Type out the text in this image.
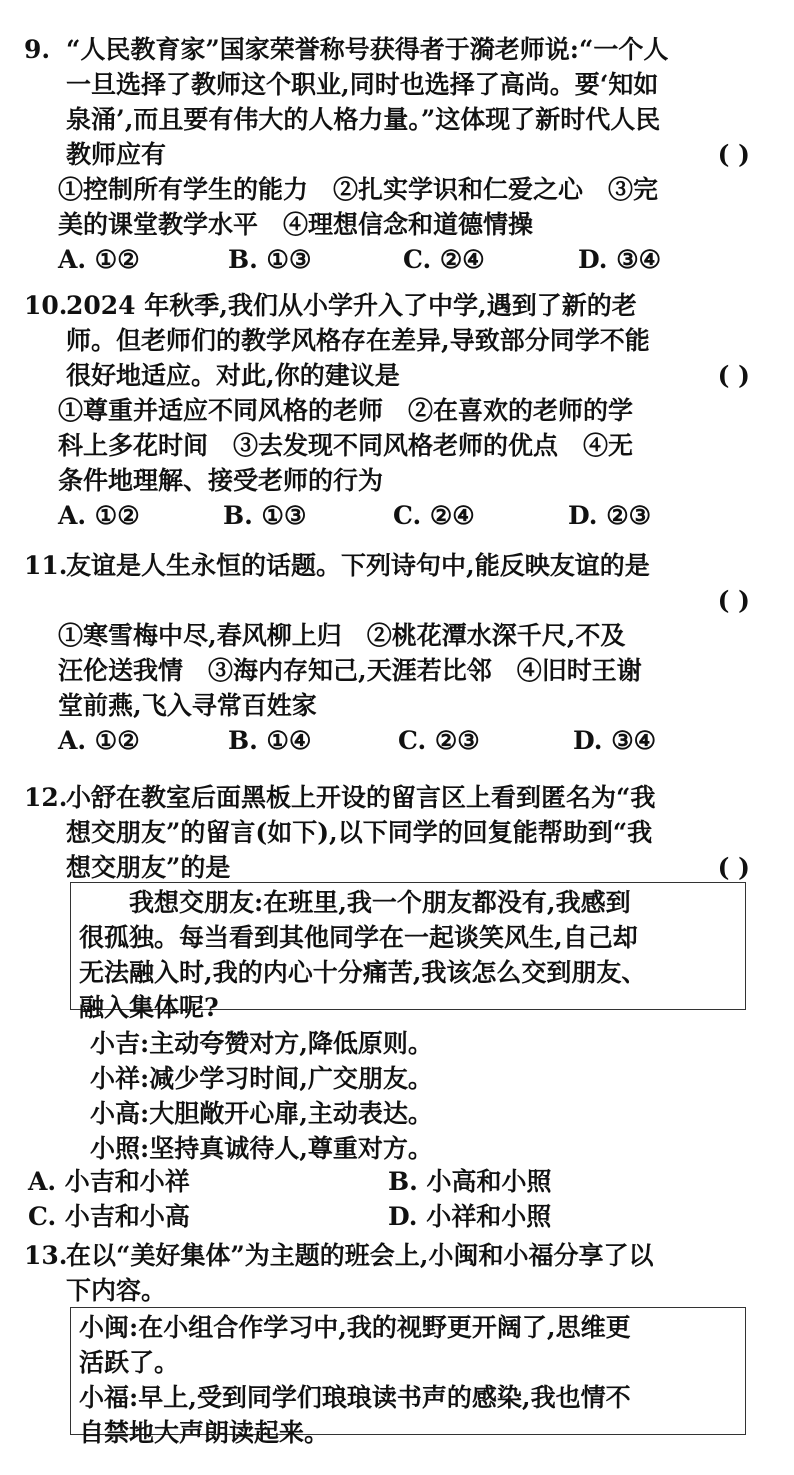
9. “人民教育家”国家荣誉称号获得者于漪老师说:“一个人
一旦选择了教师这个职业,同时也选择了高尚。要‘知如
泉涌’,而且要有伟大的人格力量。”这体现了新时代人民
教师应有	( )
①控制所有学生的能力　②扎实学识和仁爱之心　③完
美的课堂教学水平　④理想信念和道德情操
A. ①②	B. ①③	C. ②④	D. ③④
10.
2024 年秋季,我们从小学升入了中学,遇到了新的老
师。但老师们的教学风格存在差异,导致部分同学不能
很好地适应。对此,你的建议是	( )
①尊重并适应不同风格的老师　②在喜欢的老师的学
科上多花时间　③去发现不同风格老师的优点　④无
条件地理解、接受老师的行为
A. ①②	B. ①③	C. ②④	D. ②③
11.
友谊是人生永恒的话题。下列诗句中,能反映友谊的是
( )
①寒雪梅中尽,春风柳上归　②桃花潭水深千尺,不及
汪伦送我情　③海内存知己,天涯若比邻　④旧时王谢
堂前燕,飞入寻常百姓家
A. ①②	B. ①④	C. ②③	D. ③④
12.
小舒在教室后面黑板上开设的留言区上看到匿名为“我
想交朋友”的留言(如下),以下同学的回复能帮助到“我
想交朋友”的是	( )
　　我想交朋友:在班里,我一个朋友都没有,我感到
很孤独。每当看到其他同学在一起谈笑风生,自己却
无法融入时,我的内心十分痛苦,我该怎么交到朋友、
融入集体呢?
小吉:主动夸赞对方,降低原则。
小祥:减少学习时间,广交朋友。
小高:大胆敞开心扉,主动表达。
小照:坚持真诚待人,尊重对方。
A. 小吉和小祥	B. 小高和小照
C. 小吉和小高	D. 小祥和小照
13.
在以“美好集体”为主题的班会上,小闽和小福分享了以
下内容。
小闽:在小组合作学习中,我的视野更开阔了,思维更
活跃了。
小福:早上,受到同学们琅琅读书声的感染,我也情不
自禁地大声朗读起来。
